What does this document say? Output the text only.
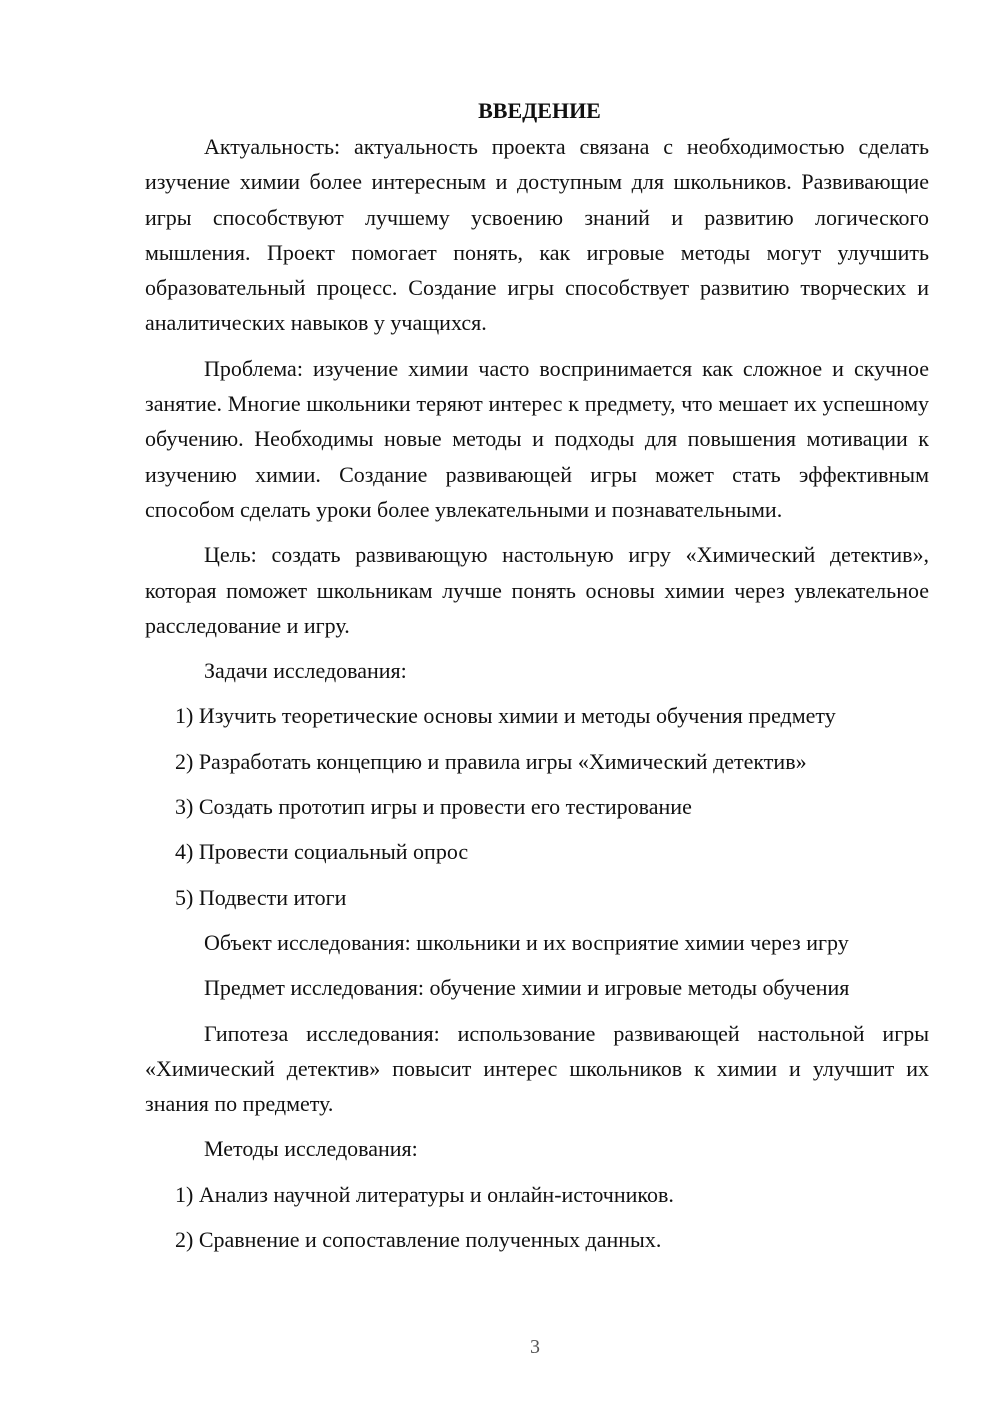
ВВЕДЕНИЕ

Актуальность: актуальность проекта связана с необходимостью сделать изучение химии более интересным и доступным для школьников. Развивающие игры способствуют лучшему усвоению знаний и развитию логического мышления. Проект помогает понять, как игровые методы могут улучшить образовательный процесс. Создание игры способствует развитию творческих и аналитических навыков у учащихся.

Проблема: изучение химии часто воспринимается как сложное и скучное занятие. Многие школьники теряют интерес к предмету, что мешает их успешному обучению. Необходимы новые методы и подходы для повышения мотивации к изучению химии. Создание развивающей игры может стать эффективным способом сделать уроки более увлекательными и познавательными.

Цель: создать развивающую настольную игру «Химический детектив», которая поможет школьникам лучше понять основы химии через увлекательное расследование и игру.

Задачи исследования:

1) Изучить теоретические основы химии и методы обучения предмету

2) Разработать концепцию и правила игры «Химический детектив»

3) Создать прототип игры и провести его тестирование

4) Провести социальный опрос

5) Подвести итоги

Объект исследования: школьники и их восприятие химии через игру

Предмет исследования: обучение химии и игровые методы обучения

Гипотеза исследования: использование развивающей настольной игры «Химический детектив» повысит интерес школьников к химии и улучшит их знания по предмету.

Методы исследования:

1) Анализ научной литературы и онлайн-источников.

2) Сравнение и сопоставление полученных данных.

3
